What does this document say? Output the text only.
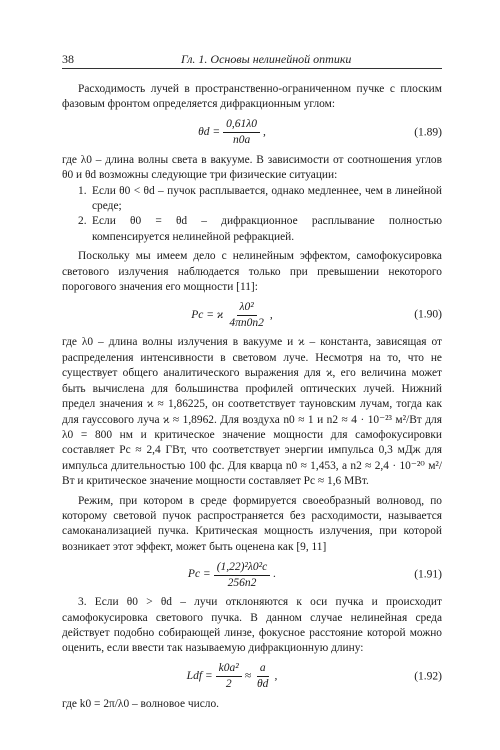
38	Гл. 1. Основы нелинейной оптики

Расходимость лучей в пространственно-ограниченном пучке с плоским фазовым фронтом определяется дифракционным углом:

$\theta d = \frac{0,61\lambda 0}{n0a}$ ,	(1.89)

где λ0 – длина волны света в вакууме. В зависимости от соотношения углов θ0 и θd возможны следующие три физические ситуации:

1. Если θ0 < θd – пучок расплывается, однако медленнее, чем в линейной среде;
2. Если θ0 = θd – дифракционное расплывание полностью компенсируется нелинейной рефракцией.

Поскольку мы имеем дело с нелинейным эффектом, самофокусировка светового излучения наблюдается только при превышении некоторого порогового значения его мощности [11]:

Pc = ϰ $\frac{\text{λ0²}}{4\pi n0n2}$ ,	(1.90)

где λ0 – длина волны излучения в вакууме и ϰ – константа, зависящая от распределения интенсивности в световом луче. Несмотря на то, что не существует общего аналитического выражения для ϰ, его величина может быть вычислена для большинства профилей оптических лучей. Нижний предел значения ϰ ≈ 1,86225, он соответствует тауновским лучам, тогда как для гауссового луча ϰ ≈ 1,8962. Для воздуха n0 ≈ 1 и n2 ≈ 4 · 10⁻²³ м²/Вт для λ0 = 800 нм и критическое значение мощности для самофокусировки составляет Pc ≈ 2,4 ГВт, что соответствует энергии импульса 0,3 мДж для импульса длительностью 100 фс. Для кварца n0 ≈ 1,453, а n2 ≈ 2,4 · 10⁻²⁰ м²/Вт и критическое значение мощности составляет Pc ≈ 1,6 МВт.

Режим, при котором в среде формируется своеобразный волновод, по которому световой пучок распространяется без расходимости, называется самоканализацией пучка. Критическая мощность излучения, при которой возникает этот эффект, может быть оценена как [9, 11]

$Pc = \frac{\text{(1,22)²λ0²c}}{256n2}$ .	(1.91)

3. Если θ0 > θd – лучи отклоняются к оси пучка и происходит самофокусировка светового пучка. В данном случае нелинейная среда действует подобно собирающей линзе, фокусное расстояние которой можно оценить, если ввести так называемую дифракционную длину:

Ldf = $\frac{\text{k0a²}}{2} \approx \frac{a}{\theta d}$ ,	(1.92)

где k0 = 2π/λ0 – волновое число.
